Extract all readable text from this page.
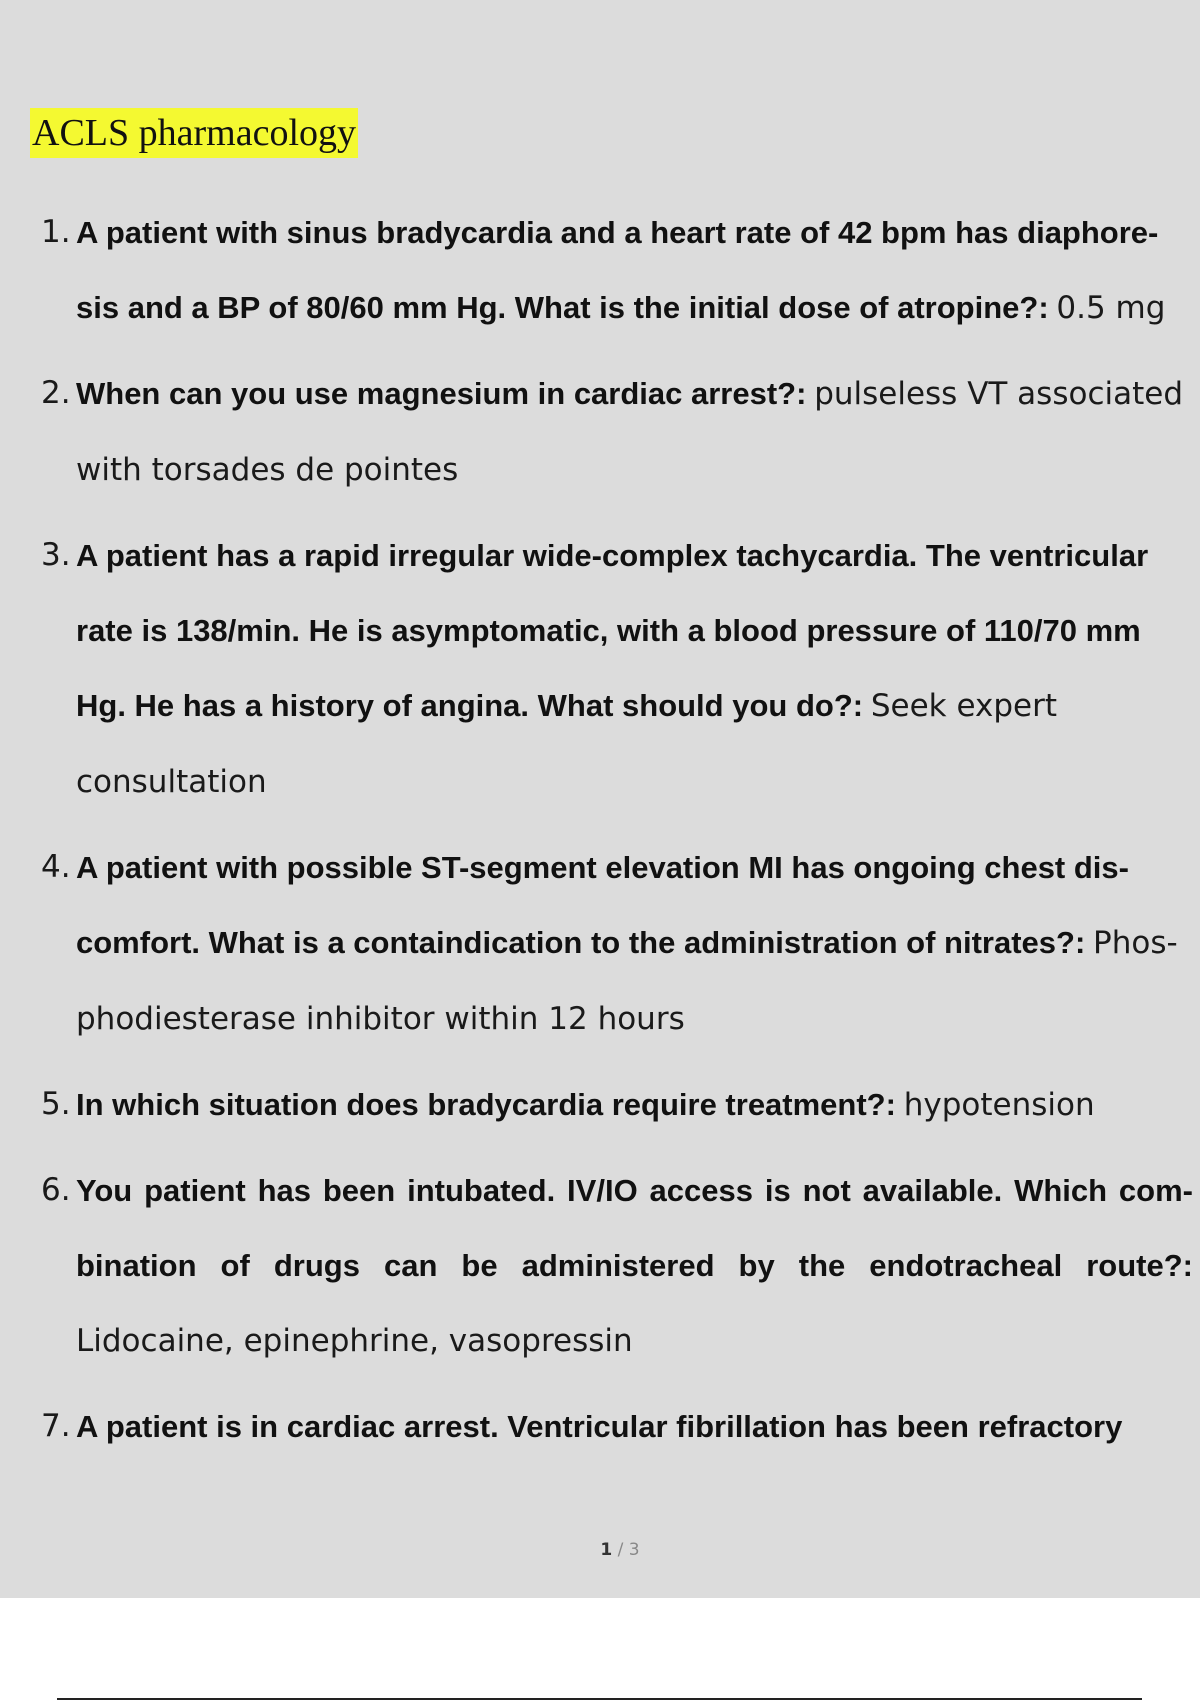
ACLS pharmacology
1. A patient with sinus bradycardia and a heart rate of 42 bpm has diaphore- sis and a BP of 80/60 mm Hg. What is the initial dose of atropine?: 0.5 mg
2. When can you use magnesium in cardiac arrest?: pulseless VT associated with torsades de pointes
3. A patient has a rapid irregular wide-complex tachycardia. The ventricular rate is 138/min. He is asymptomatic, with a blood pressure of 110/70 mm Hg. He has a history of angina. What should you do?: Seek expert consultation
4. A patient with possible ST-segment elevation MI has ongoing chest dis- comfort. What is a containdication to the administration of nitrates?: Phos- phodiesterase inhibitor within 12 hours
5. In which situation does bradycardia require treatment?: hypotension
6. You patient has been intubated. IV/IO access is not available. Which com- bination of drugs can be administered by the endotracheal route?: Lidocaine, epinephrine, vasopressin
7. A patient is in cardiac arrest. Ventricular fibrillation has been refractory
1 / 3
